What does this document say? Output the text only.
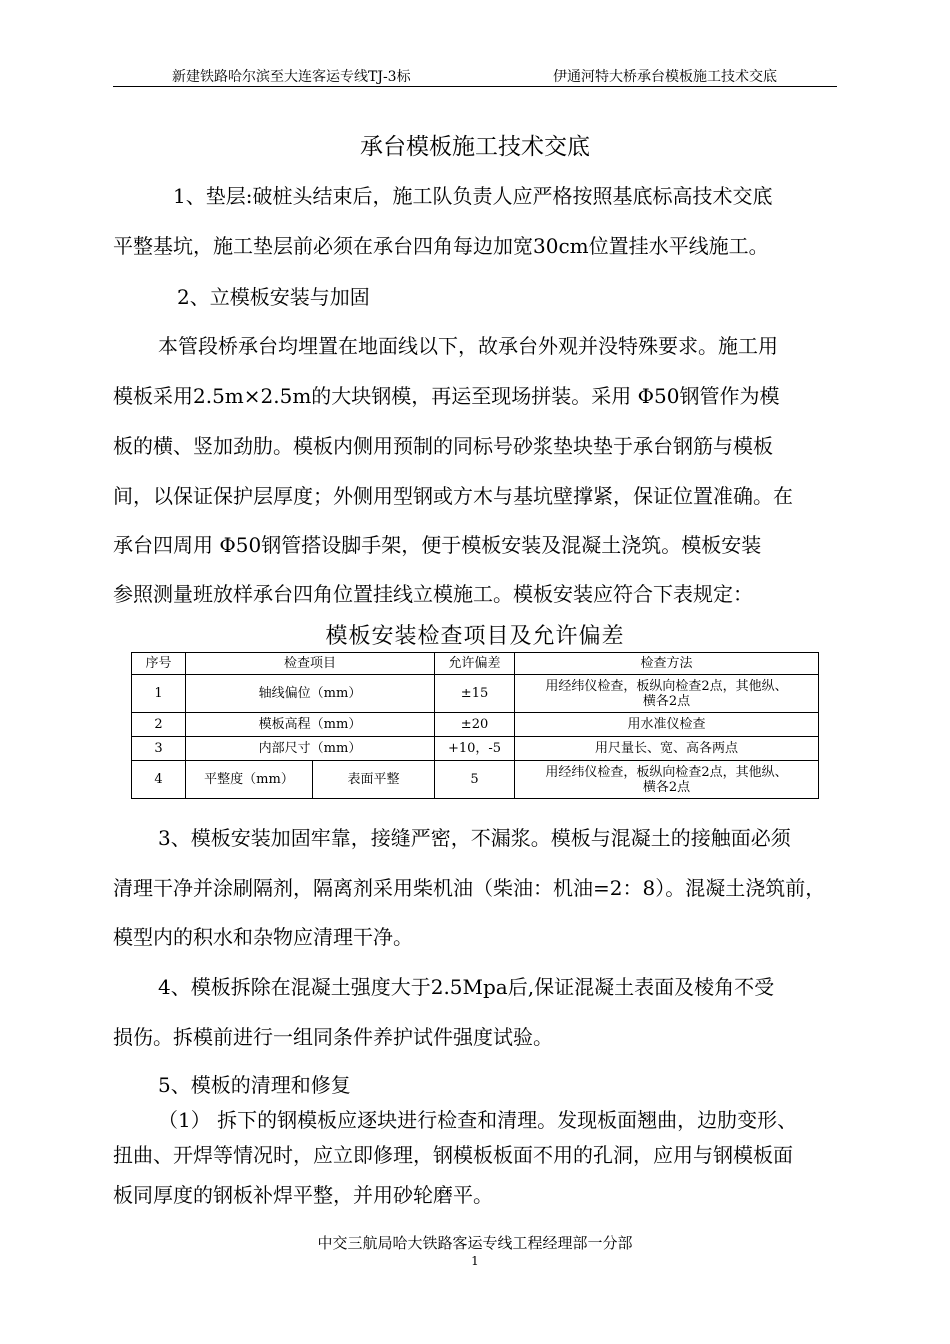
新建铁路哈尔滨至大连客运专线TJ-3标	伊通河特大桥承台模板施工技术交底
承台模板施工技术交底
1、垫层:破桩头结束后，施工队负责人应严格按照基底标高技术交底
平整基坑，施工垫层前必须在承台四角每边加宽30cm位置挂水平线施工。
2、立模板安装与加固
本管段桥承台均埋置在地面线以下，故承台外观并没特殊要求。施工用
模板采用2.5m×2.5m的大块钢模，再运至现场拼装。采用 Φ50钢管作为模
板的横、竖加劲肋。模板内侧用预制的同标号砂浆垫块垫于承台钢筋与模板
间，以保证保护层厚度；外侧用型钢或方木与基坑壁撑紧，保证位置准确。在
承台四周用 Φ50钢管搭设脚手架，便于模板安装及混凝土浇筑。模板安装
参照测量班放样承台四角位置挂线立模施工。模板安装应符合下表规定：
模板安装检查项目及允许偏差
序号	检查项目		允许偏差	检查方法
1	轴线偏位（mm）		±15	用经纬仪检查，板纵向检查2点，其他纵、
横各2点

2	模板高程（mm）		±20	用水准仪检查
3	内部尺寸（mm）		+10，-5	用尺量长、宽、高各两点
4	平整度（mm）	表面平整	5	用经纬仪检查，板纵向检查2点，其他纵、
横各2点
3、模板安装加固牢靠，接缝严密，不漏浆。模板与混凝土的接触面必须
清理干净并涂刷隔剂，隔离剂采用柴机油（柴油：机油=2：8）。混凝土浇筑前，
模型内的积水和杂物应清理干净。
4、模板拆除在混凝土强度大于2.5Mpa后,保证混凝土表面及棱角不受
损伤。拆模前进行一组同条件养护试件强度试验。
5、模板的清理和修复
（1） 拆下的钢模板应逐块进行检查和清理。发现板面翘曲，边肋变形、
扭曲、开焊等情况时，应立即修理，钢模板板面不用的孔洞，应用与钢模板面
板同厚度的钢板补焊平整，并用砂轮磨平。
中交三航局哈大铁路客运专线工程经理部一分部
1
